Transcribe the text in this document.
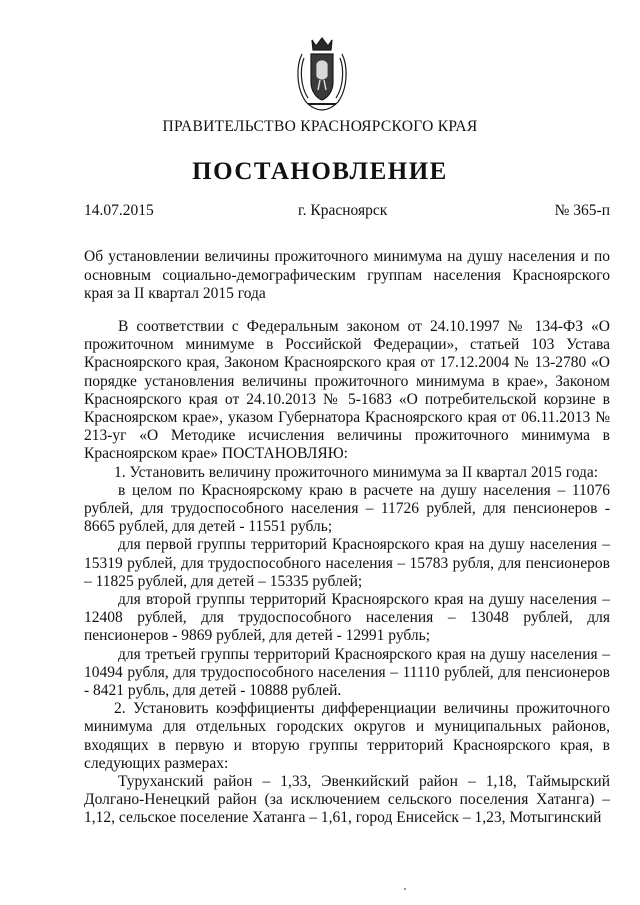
ПРАВИТЕЛЬСТВО КРАСНОЯРСКОГО КРАЯ
ПОСТАНОВЛЕНИЕ
14.07.2015	г. Красноярск	№ 365-п
Об установлении величины прожиточного минимума на душу населения и по основным социально-демографическим группам населения Красноярского края за II квартал 2015 года

В соответствии с Федеральным законом от 24.10.1997 № 134-ФЗ «О прожиточном минимуме в Российской Федерации», статьей 103 Устава Красноярского края, Законом Красноярского края от 17.12.2004 № 13-2780 «О порядке установления величины прожиточного минимума в крае», Законом Красноярского края от 24.10.2013 № 5-1683 «О потребительской корзине в Красноярском крае», указом Губернатора Красноярского края от 06.11.2013 № 213-уг «О Методике исчисления величины прожиточного минимума в Красноярском крае» ПОСТАНОВЛЯЮ:

1. Установить величину прожиточного минимума за II квартал 2015 года:

в целом по Красноярскому краю в расчете на душу населения – 11076 рублей, для трудоспособного населения – 11726 рублей, для пенсионеров - 8665 рублей, для детей - 11551 рубль;

для первой группы территорий Красноярского края на душу населения – 15319 рублей, для трудоспособного населения – 15783 рубля, для пенсионеров – 11825 рублей, для детей – 15335 рублей;

для второй группы территорий Красноярского края на душу населения – 12408 рублей, для трудоспособного населения – 13048 рублей, для пенсионеров - 9869 рублей, для детей - 12991 рубль;

для третьей группы территорий Красноярского края на душу населения – 10494 рубля, для трудоспособного населения – 11110 рублей, для пенсионеров - 8421 рубль, для детей - 10888 рублей.

2. Установить коэффициенты дифференциации величины прожиточного минимума для отдельных городских округов и муниципальных районов, входящих в первую и вторую группы территорий Красноярского края, в следующих размерах:

Туруханский район – 1,33, Эвенкийский район – 1,18, Таймырский Долгано-Ненецкий район (за исключением сельского поселения Хатанга) – 1,12, сельское поселение Хатанга – 1,61, город Енисейск – 1,23, Мотыгинский
